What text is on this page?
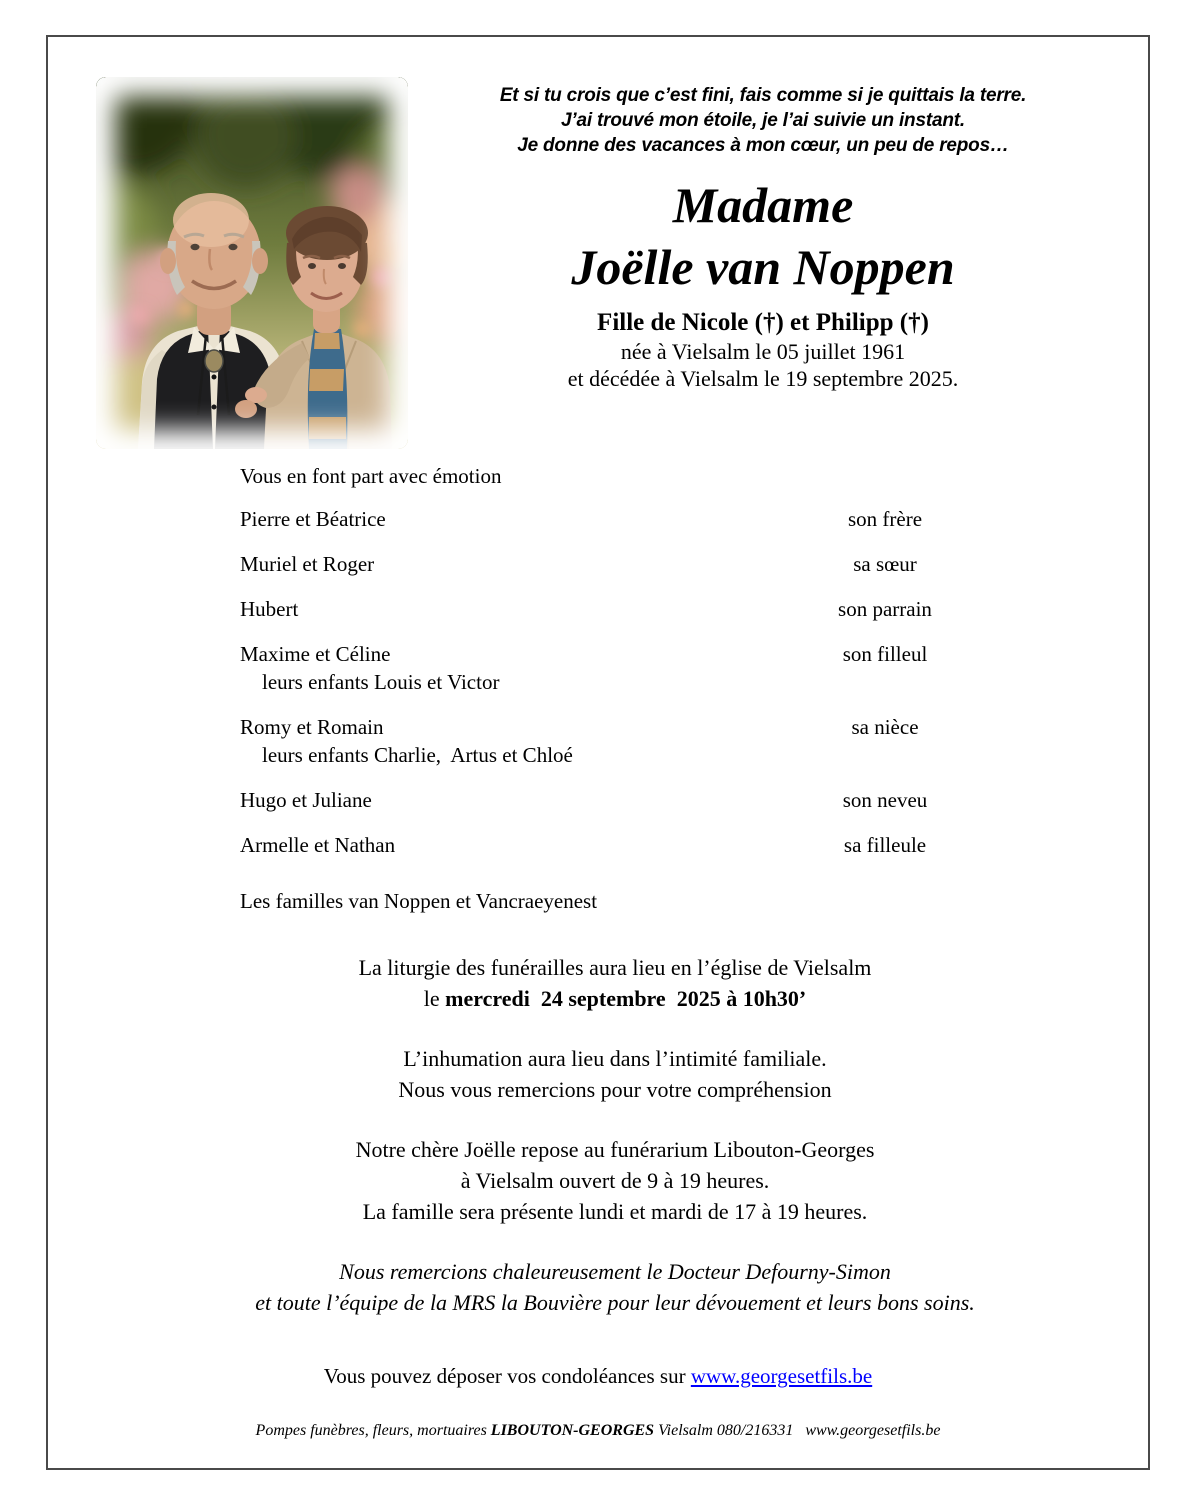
Et si tu crois que c’est fini, fais comme si je quittais la terre.
J’ai trouvé mon étoile, je l’ai suivie un instant.
Je donne des vacances à mon cœur, un peu de repos…
Madame
Joëlle van Noppen
Fille de Nicole (†) et Philipp (†)
née à Vielsalm le 05 juillet 1961
et décédée à Vielsalm le 19 septembre 2025.

Vous en font part avec émotion

Pierre et Béatrice	son frère
Muriel et Roger	sa sœur
Hubert	son parrain
Maxime et Céline	son filleul
leurs enfants Louis et Victor
Romy et Romain	sa nièce
leurs enfants Charlie,  Artus et Chloé
Hugo et Juliane	son neveu
Armelle et Nathan	sa filleule

Les familles van Noppen et Vancraeyenest

La liturgie des funérailles aura lieu en l’église de Vielsalm
le mercredi  24 septembre  2025 à 10h30’

L’inhumation aura lieu dans l’intimité familiale.
Nous vous remercions pour votre compréhension

Notre chère Joëlle repose au funérarium Libouton-Georges
à Vielsalm ouvert de 9 à 19 heures.
La famille sera présente lundi et mardi de 17 à 19 heures.

Nous remercions chaleureusement le Docteur Defourny-Simon
et toute l’équipe de la MRS la Bouvière pour leur dévouement et leurs bons soins.

Vous pouvez déposer vos condoléances sur www.georgesetfils.be

Pompes funèbres, fleurs, mortuaires LIBOUTON-GEORGES Vielsalm 080/216331   www.georgesetfils.be
